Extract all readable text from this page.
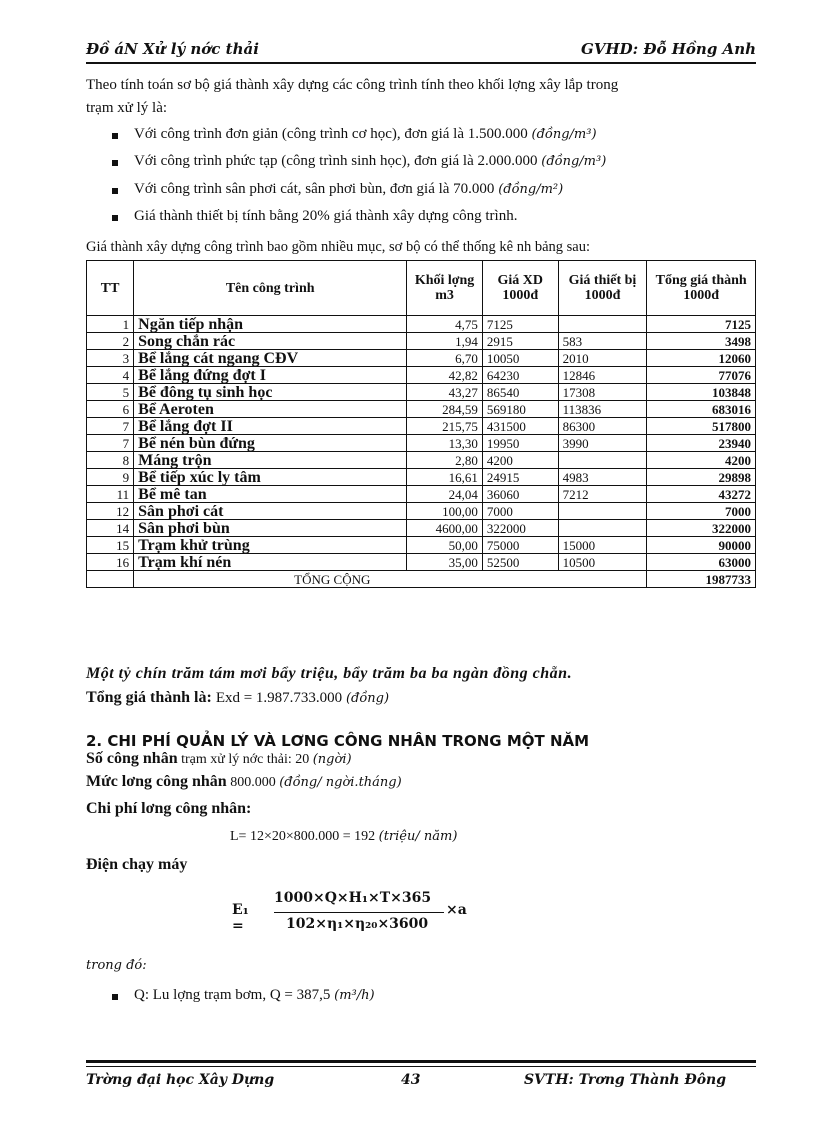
Đồ áN Xử lý nớc thải	GVHD: Đỗ Hồng Anh
Theo tính toán sơ bộ giá thành xây dựng các công trình tính theo khối lợng xây lắp trong
trạm xử lý là:
Với công trình đơn giản (công trình cơ học), đơn giá là 1.500.000 (đồng/m³)
Với công trình phức tạp (công trình sinh học), đơn giá là 2.000.000 (đồng/m³)
Với công trình sân phơi cát, sân phơi bùn, đơn giá là 70.000 (đồng/m²)
Giá thành thiết bị tính bằng 20% giá thành xây dựng công trình.
Giá thành xây dựng công trình bao gồm nhiều mục, sơ bộ có thể thống kê nh bảng sau:
TT	Tên công trình	Khối lợng m3	Giá XD 1000đ	Giá thiết bị 1000đ	Tổng giá thành 1000đ
1	Ngăn tiếp nhận	4,75	7125		7125
2	Song chắn rác	1,94	2915	583	3498
3	Bể lắng cát ngang CĐV	6,70	10050	2010	12060
4	Bể lắng đứng đợt I	42,82	64230	12846	77076
5	Bể đông tụ sinh học	43,27	86540	17308	103848
6	Bể Aeroten	284,59	569180	113836	683016
7	Bể lắng đợt II	215,75	431500	86300	517800
7	Bể nén bùn đứng	13,30	19950	3990	23940
8	Máng trộn	2,80	4200		4200
9	Bể tiếp xúc ly tâm	16,61	24915	4983	29898
11	Bể mê tan	24,04	36060	7212	43272
12	Sân phơi cát	100,00	7000		7000
14	Sân phơi bùn	4600,00	322000		322000
15	Trạm khử trùng	50,00	75000	15000	90000
16	Trạm khí nén	35,00	52500	10500	63000
	TỔNG CỘNG				1987733
Một tỷ chín trăm tám mơi bẩy triệu, bẩy trăm ba ba ngàn đồng chẵn.
Tổng giá thành là: Exd = 1.987.733.000 (đồng)
2. CHI PHÍ QUẢN LÝ VÀ LƠNG CÔNG NHÂN TRONG MỘT NĂM
Số công nhân trạm xử lý nớc thải: 20 (ngời)
Mức lơng công nhân 800.000 (đồng/ ngời.tháng)
Chi phí lơng công nhân:
L= 12×20×800.000 = 192 (triệu/ năm)
Điện chạy máy
E₁ =
1000×Q×H₁×T×365
102×η₁×η₂₀×3600
×a
trong đó:
Q: Lu lợng trạm bơm, Q = 387,5 (m³/h)
Trờng đại học Xây Dựng	43	SVTH: Trơng Thành Đông
